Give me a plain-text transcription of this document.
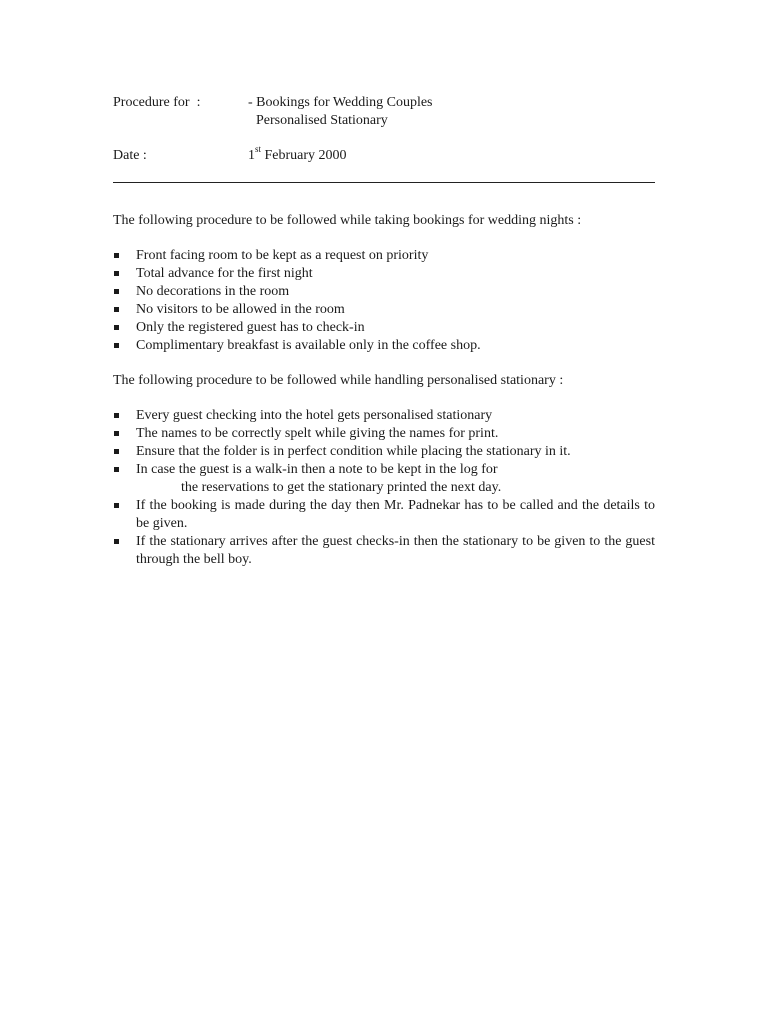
Procedure for  :	- Bookings for Wedding Couples
Personalised Stationary
Date :	1st February 2000
The following procedure to be followed while taking bookings for wedding nights :
Front facing room to be kept as a request on priority
Total advance for the first night
No decorations in the room
No visitors to be allowed in the room
Only the registered guest has to check-in
Complimentary breakfast is available only in the coffee shop.
The following procedure to be followed while handling personalised stationary :
Every guest checking into the hotel gets personalised stationary
The names to be correctly spelt while giving the names for print.
Ensure that the folder is in perfect condition while placing the stationary in it.
In case the guest is a walk-in then a note to be kept in the log for
the reservations to get the stationary printed the next day.
If the booking is made during the day then Mr. Padnekar has to be called and the details to be given.
If the stationary arrives after the guest checks-in then the stationary to be given to the guest through the bell boy.
